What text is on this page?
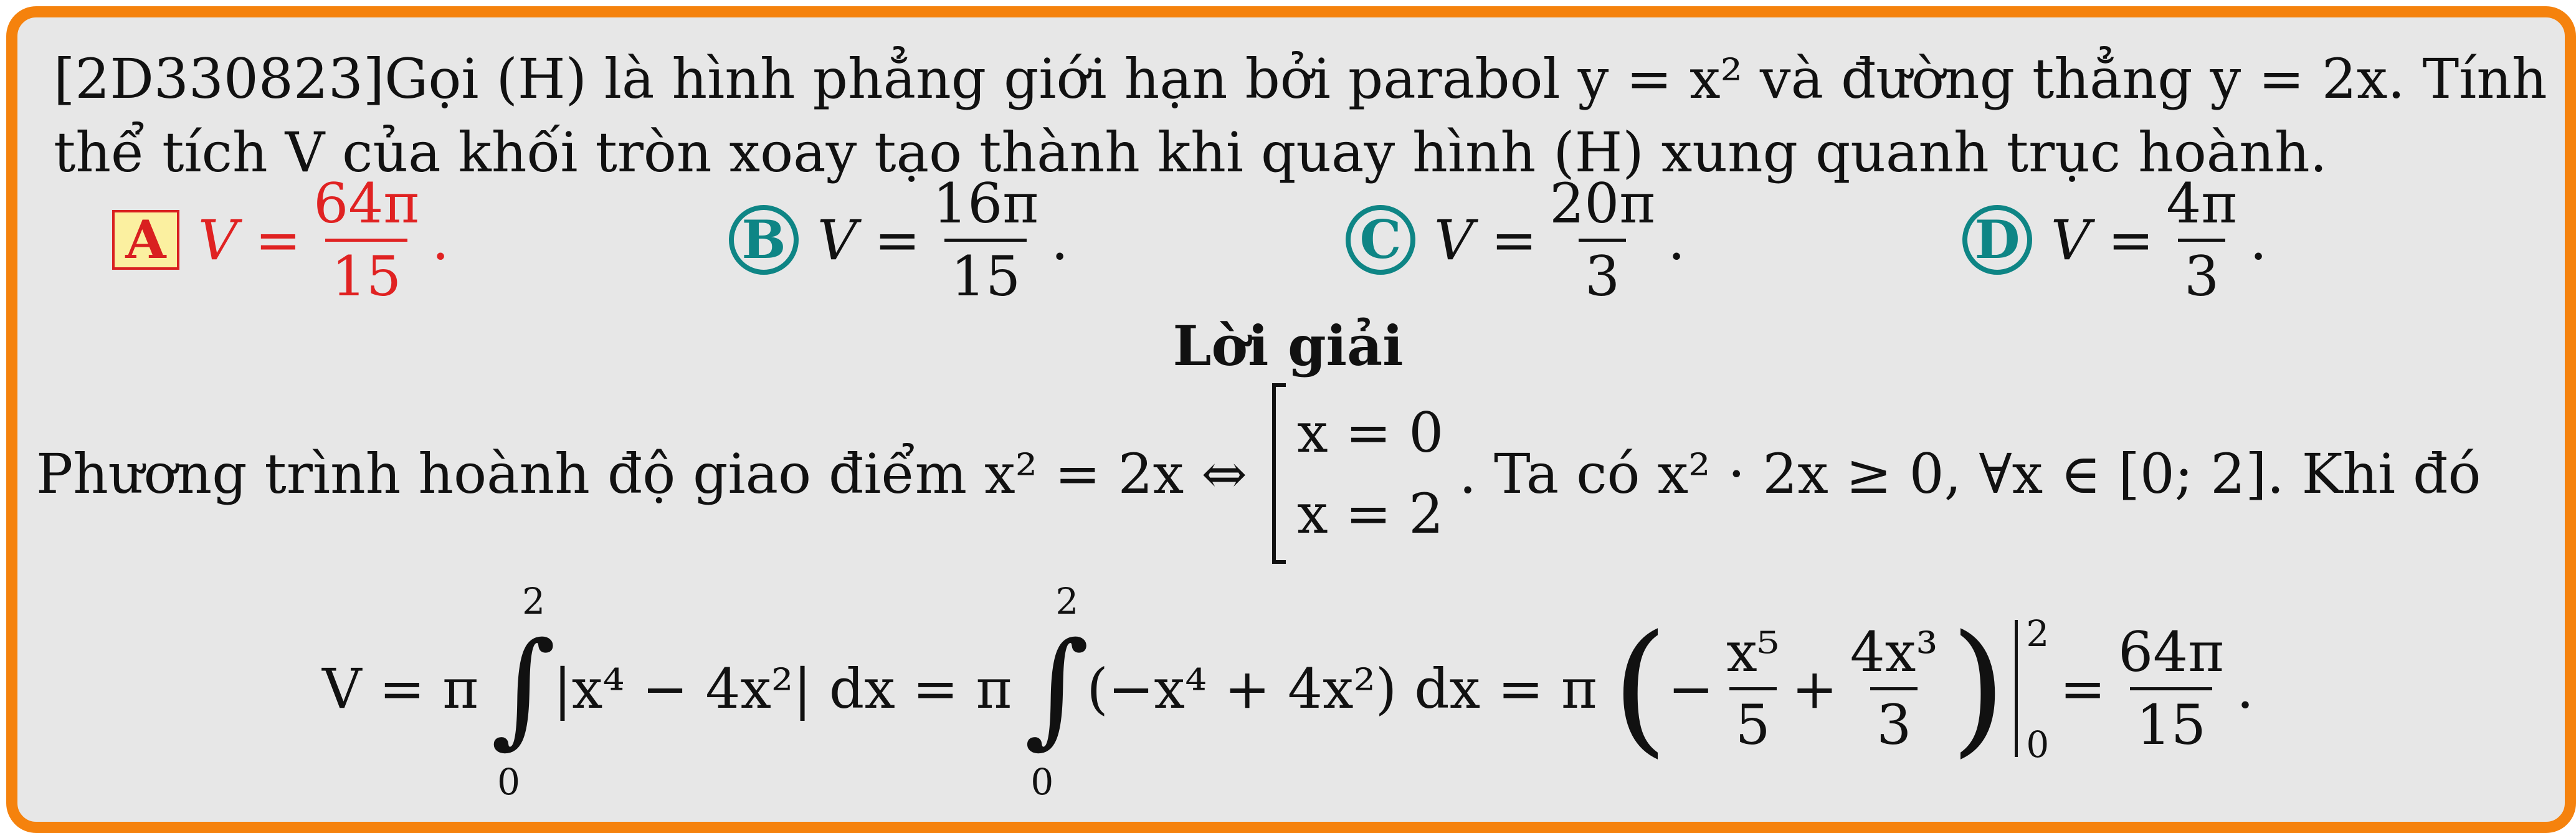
[2D330823]Gọi (H) là hình phẳng giới hạn bởi parabol y = x² và đường thẳng y = 2x. Tính

thể tích V của khối tròn xoay tạo thành khi quay hình (H) xung quanh trục hoành.

A $V = \frac{64\pi}{15}$ .	B $V = \frac{16\pi}{15}$ .	C $V = \frac{20\pi}{3}$ .	D $V = \frac{4\pi}{3}$ .
Lời giải
Phương trình hoành độ giao điểm x² = 2x ⇔
x = 0
x = 2
. Ta có x² · 2x ≥ 0, ∀x ∈ [0; 2]. Khi đó
V = π
2
∫
0
|x⁴ − 4x²| dx = π
2
∫
0
(−x⁴ + 4x²) dx = π ( − $\frac{\text{x⁵}}{5} + \frac{\text{4x³}}{3}$ ) 2
0
= $\frac{64\pi}{15}$ .
